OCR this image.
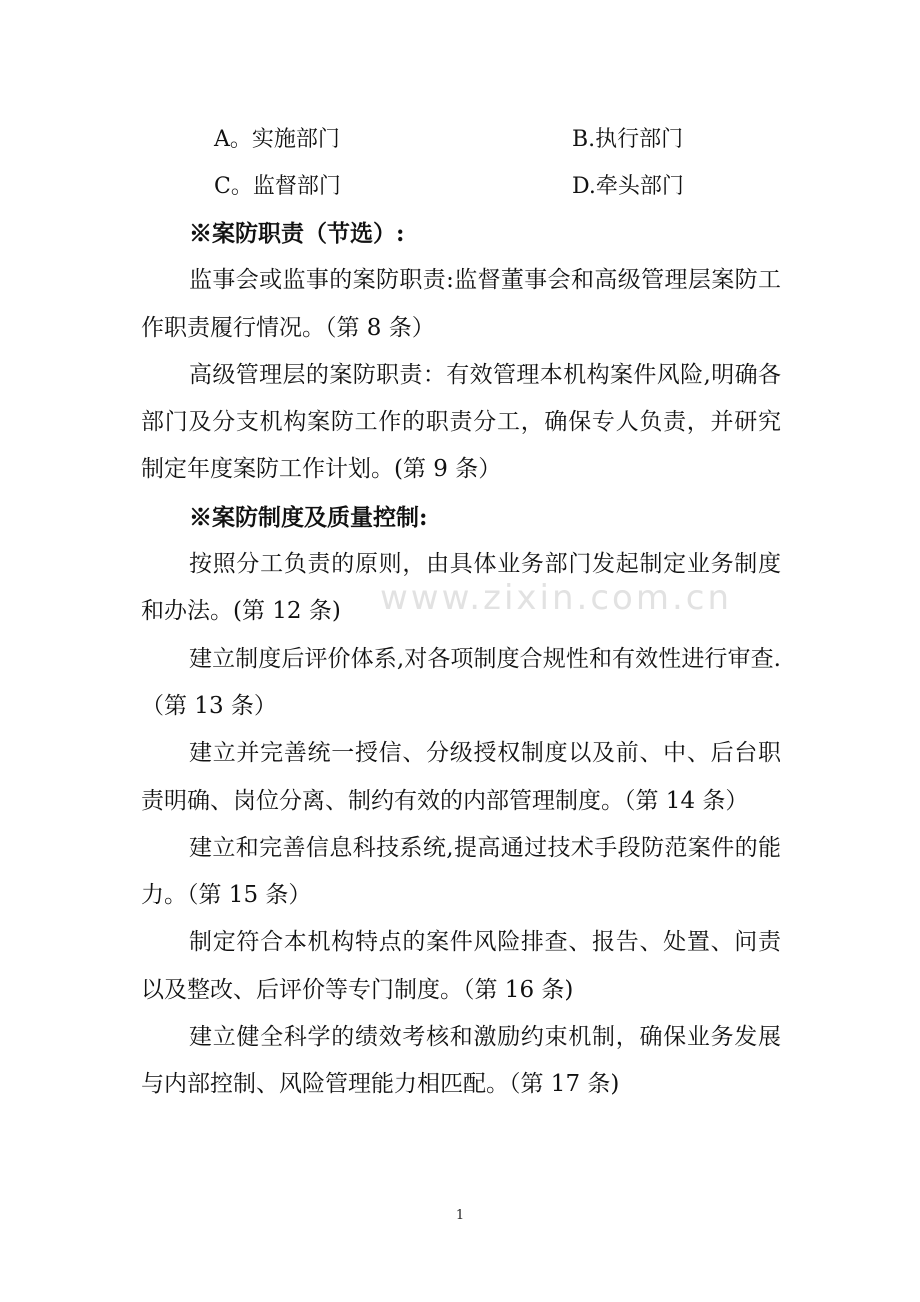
A。实施部门	B.执行部门
C。监督部门	D.牵头部门

※案防职责（节选）:

监事会或监事的案防职责:监督董事会和高级管理层案防工作职责履行情况。（第 8 条）

高级管理层的案防职责：有效管理本机构案件风险,明确各部门及分支机构案防工作的职责分工，确保专人负责，并研究制定年度案防工作计划。(第 9 条）

※案防制度及质量控制:

按照分工负责的原则，由具体业务部门发起制定业务制度和办法。(第 12 条)

建立制度后评价体系,对各项制度合规性和有效性进行审查.（第 13 条）

建立并完善统一授信、分级授权制度以及前、中、后台职责明确、岗位分离、制约有效的内部管理制度。（第 14 条）

建立和完善信息科技系统,提高通过技术手段防范案件的能力。（第 15 条）

制定符合本机构特点的案件风险排查、报告、处置、问责以及整改、后评价等专门制度。（第 16 条)

建立健全科学的绩效考核和激励约束机制，确保业务发展与内部控制、风险管理能力相匹配。（第 17 条)

www.zixin.com.cn
1
